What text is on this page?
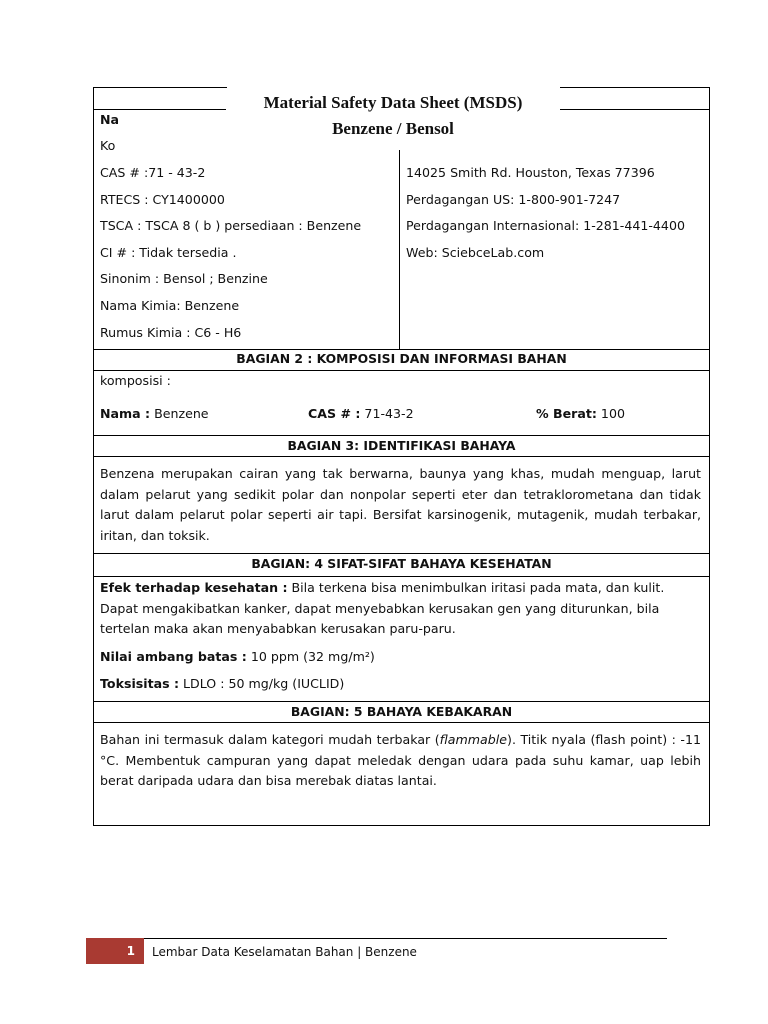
Na
Ko
Material Safety Data Sheet (MSDS)
Benzene / Bensol
CAS # :71 - 43-2
RTECS : CY1400000
TSCA : TSCA 8 ( b ) persediaan : Benzene
CI # : Tidak tersedia .
Sinonim : Bensol ; Benzine
Nama Kimia: Benzene
Rumus Kimia : C6 - H6
14025 Smith Rd. Houston, Texas 77396
Perdagangan US: 1-800-901-7247
Perdagangan Internasional: 1-281-441-4400
Web: SciebceLab.com
BAGIAN 2 : KOMPOSISI DAN INFORMASI BAHAN
komposisi :
Nama : Benzene	CAS # : 71-43-2	% Berat: 100
BAGIAN 3: IDENTIFIKASI BAHAYA
Benzena merupakan cairan yang tak berwarna, baunya yang khas, mudah menguap, larut dalam pelarut yang sedikit polar dan nonpolar seperti eter dan tetraklorometana dan tidak larut dalam pelarut polar seperti air tapi. Bersifat karsinogenik, mutagenik, mudah terbakar, iritan, dan toksik.
BAGIAN: 4 SIFAT-SIFAT BAHAYA KESEHATAN
Efek terhadap kesehatan : Bila terkena bisa menimbulkan iritasi pada mata, dan kulit. Dapat mengakibatkan kanker, dapat menyebabkan kerusakan gen yang diturunkan, bila tertelan maka akan menyababkan kerusakan paru-paru.
Nilai ambang batas : 10 ppm (32 mg/m²)
Toksisitas : LDLO : 50 mg/kg (IUCLID)
BAGIAN: 5 BAHAYA KEBAKARAN
Bahan ini termasuk dalam kategori mudah terbakar (flammable). Titik nyala (flash point) : -11 °C. Membentuk campuran yang dapat meledak dengan udara pada suhu kamar, uap lebih berat daripada udara dan bisa merebak diatas lantai.
1 Lembar Data Keselamatan Bahan | Benzene
